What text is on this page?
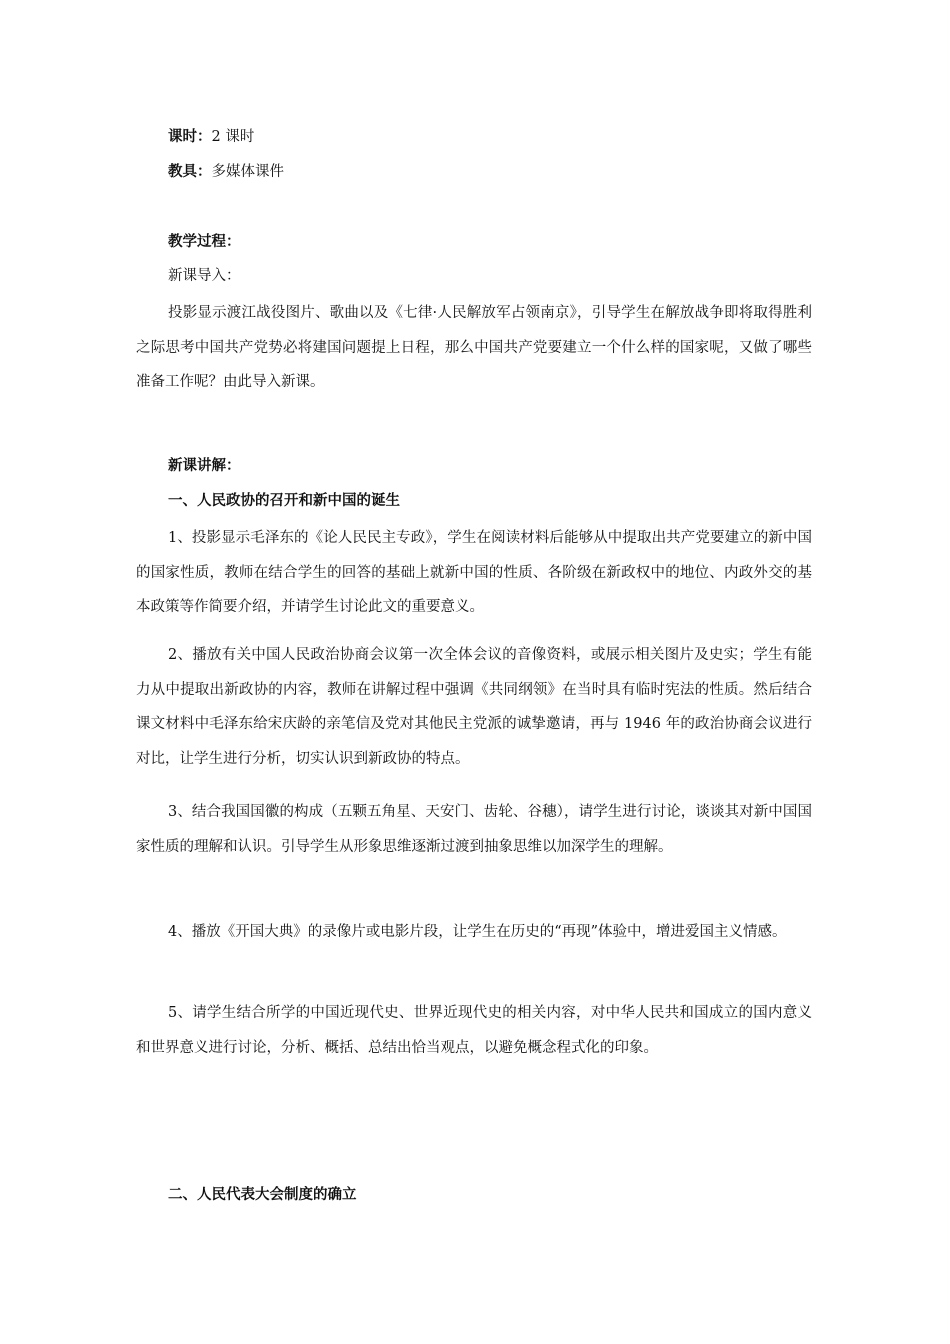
课时：2 课时
教具：多媒体课件
教学过程：
新课导入：

投影显示渡江战役图片、歌曲以及《七律·人民解放军占领南京》，引导学生在解放战争即将取得胜利之际思考中国共产党势必将建国问题提上日程，那么中国共产党要建立一个什么样的国家呢，又做了哪些准备工作呢？由此导入新课。

新课讲解：
一、人民政协的召开和新中国的诞生

1、投影显示毛泽东的《论人民民主专政》，学生在阅读材料后能够从中提取出共产党要建立的新中国的国家性质，教师在结合学生的回答的基础上就新中国的性质、各阶级在新政权中的地位、内政外交的基本政策等作简要介绍，并请学生讨论此文的重要意义。

2、播放有关中国人民政治协商会议第一次全体会议的音像资料，或展示相关图片及史实；学生有能力从中提取出新政协的内容，教师在讲解过程中强调《共同纲领》在当时具有临时宪法的性质。然后结合课文材料中毛泽东给宋庆龄的亲笔信及党对其他民主党派的诚挚邀请，再与 1946 年的政治协商会议进行对比，让学生进行分析，切实认识到新政协的特点。

3、结合我国国徽的构成（五颗五角星、天安门、齿轮、谷穗），请学生进行讨论，谈谈其对新中国国家性质的理解和认识。引导学生从形象思维逐渐过渡到抽象思维以加深学生的理解。

4、播放《开国大典》的录像片或电影片段，让学生在历史的“再现”体验中，增进爱国主义情感。

5、请学生结合所学的中国近现代史、世界近现代史的相关内容，对中华人民共和国成立的国内意义和世界意义进行讨论，分析、概括、总结出恰当观点，以避免概念程式化的印象。

二、人民代表大会制度的确立
